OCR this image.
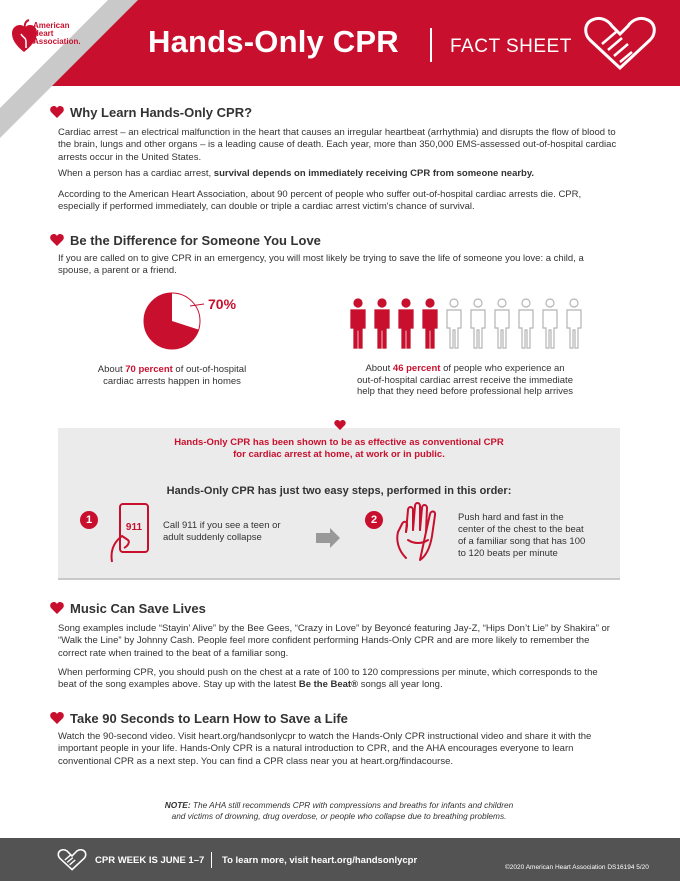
American
Heart
Association. Hands-Only CPR	FACT SHEET
Why Learn Hands-Only CPR?
Cardiac arrest – an electrical malfunction in the heart that causes an irregular heartbeat (arrhythmia) and disrupts the flow of blood to the brain, lungs and other organs – is a leading cause of death. Each year, more than 350,000 EMS-assessed out-of-hospital cardiac arrests occur in the United States.
When a person has a cardiac arrest, survival depends on immediately receiving CPR from someone nearby.
According to the American Heart Association, about 90 percent of people who suffer out-of-hospital cardiac arrests die. CPR, especially if performed immediately, can double or triple a cardiac arrest victim's chance of survival.
Be the Difference for Someone You Love
If you are called on to give CPR in an emergency, you will most likely be trying to save the life of someone you love: a child, a spouse, a parent or a friend.
70%
About 70 percent of out-of-hospital
cardiac arrests happen in homes
About 46 percent of people who experience an
out-of-hospital cardiac arrest receive the immediate
help that they need before professional help arrives
Hands-Only CPR has been shown to be as effective as conventional CPR
for cardiac arrest at home, at work or in public.
Hands-Only CPR has just two easy steps, performed in this order:
1
911 Call 911 if you see a teen or
adult suddenly collapse
2	Push hard and fast in the
center of the chest to the beat
of a familiar song that has 100
to 120 beats per minute
Music Can Save Lives
Song examples include “Stayin’ Alive” by the Bee Gees, “Crazy in Love” by Beyoncé featuring Jay-Z, “Hips Don’t Lie” by Shakira” or “Walk the Line” by Johnny Cash. People feel more confident performing Hands-Only CPR and are more likely to remember the correct rate when trained to the beat of a familiar song.
When performing CPR, you should push on the chest at a rate of 100 to 120 compressions per minute, which corresponds to the beat of the song examples above. Stay up with the latest Be the Beat® songs all year long.
Take 90 Seconds to Learn How to Save a Life
Watch the 90-second video. Visit heart.org/handsonlycpr to watch the Hands-Only CPR instructional video and share it with the important people in your life. Hands-Only CPR is a natural introduction to CPR, and the AHA encourages everyone to learn conventional CPR as a next step. You can find a CPR class near you at heart.org/findacourse.
NOTE: The AHA still recommends CPR with compressions and breaths for infants and children
and victims of drowning, drug overdose, or people who collapse due to breathing problems.
CPR WEEK IS JUNE 1–7 To learn more, visit heart.org/handsonlycpr
©2020 American Heart Association DS16194 5/20
